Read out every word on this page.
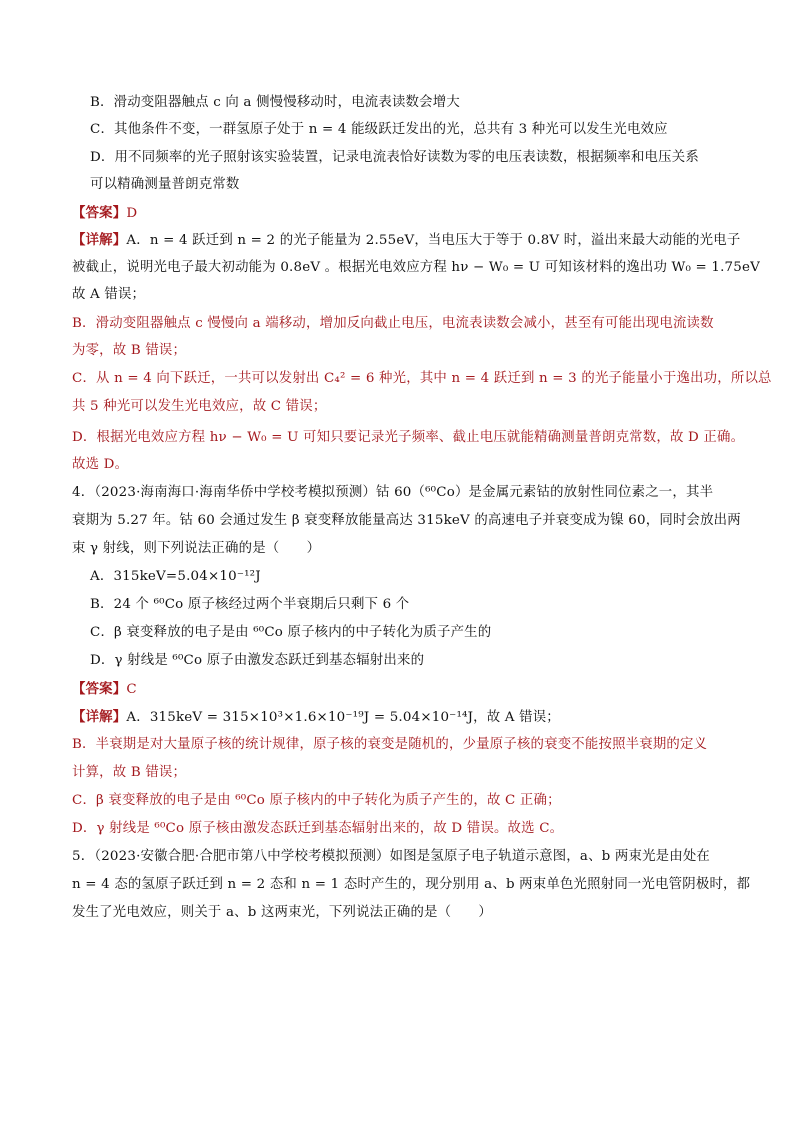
B．滑动变阻器触点 c 向 a 侧慢慢移动时，电流表读数会增大
C．其他条件不变，一群氢原子处于 n = 4 能级跃迁发出的光，总共有 3 种光可以发生光电效应
D．用不同频率的光子照射该实验装置，记录电流表恰好读数为零的电压表读数，根据频率和电压关系
可以精确测量普朗克常数
【答案】D
【详解】A．n = 4 跃迁到 n = 2 的光子能量为 2.55eV，当电压大于等于 0.8V 时，溢出来最大动能的光电子
被截止，说明光电子最大初动能为 0.8eV 。根据光电效应方程 hν − W₀ = U 可知该材料的逸出功 W₀ = 1.75eV
故 A 错误；
B．滑动变阻器触点 c 慢慢向 a 端移动，增加反向截止电压，电流表读数会减小，甚至有可能出现电流读数
为零，故 B 错误；
C．从 n = 4 向下跃迁，一共可以发射出 C₄² = 6 种光，其中 n = 4 跃迁到 n = 3 的光子能量小于逸出功，所以总
共 5 种光可以发生光电效应，故 C 错误；
D．根据光电效应方程 hν − W₀ = U 可知只要记录光子频率、截止电压就能精确测量普朗克常数，故 D 正确。
故选 D。
4．（2023·海南海口·海南华侨中学校考模拟预测）钴 60（⁶⁰Co）是金属元素钴的放射性同位素之一，其半
衰期为 5.27 年。钴 60 会通过发生 β 衰变释放能量高达 315keV 的高速电子并衰变成为镍 60，同时会放出两
束 γ 射线，则下列说法正确的是（　　）
A．315keV=5.04×10⁻¹²J
B．24 个 ⁶⁰Co 原子核经过两个半衰期后只剩下 6 个
C．β 衰变释放的电子是由 ⁶⁰Co 原子核内的中子转化为质子产生的
D．γ 射线是 ⁶⁰Co 原子由激发态跃迁到基态辐射出来的
【答案】C
【详解】A．315keV = 315×10³×1.6×10⁻¹⁹J = 5.04×10⁻¹⁴J，故 A 错误；
B．半衰期是对大量原子核的统计规律，原子核的衰变是随机的，少量原子核的衰变不能按照半衰期的定义
计算，故 B 错误；
C．β 衰变释放的电子是由 ⁶⁰Co 原子核内的中子转化为质子产生的，故 C 正确；
D．γ 射线是 ⁶⁰Co 原子核由激发态跃迁到基态辐射出来的，故 D 错误。故选 C。
5．（2023·安徽合肥·合肥市第八中学校考模拟预测）如图是氢原子电子轨道示意图，a、b 两束光是由处在
n = 4 态的氢原子跃迁到 n = 2 态和 n = 1 态时产生的，现分别用 a、b 两束单色光照射同一光电管阴极时，都
发生了光电效应，则关于 a、b 这两束光，下列说法正确的是（　　）
